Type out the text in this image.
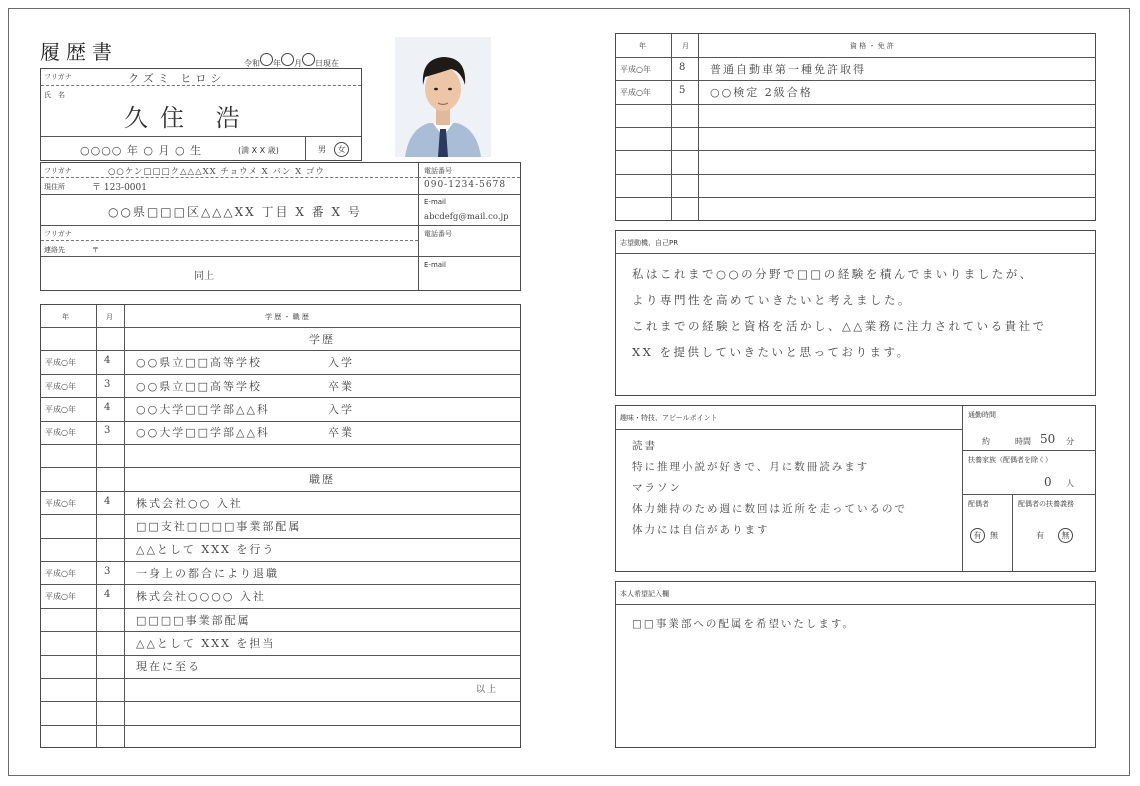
履歴書	令和 年 月 日現在
フリガナ	クズミ ヒロシ
氏　名
久住 浩
○○○○ 年 ○ 月 ○ 生	(満 X X 歳)	男	女
フリガナ	○○ケン□□□ク△△△XX チョウメ X バン X ゴウ
現住所	〒 123-0001
○○県□□□区△△△XX 丁目 X 番 X 号
電話番号
090-1234-5678
E-mail
abcdefg@mail.co.jp
フリガナ
連絡先	〒
同上
電話番号
E-mail
年	月	学 歴 ・ 職 歴
学歴
平成○年	4 ○○県立□□高等学校	入学
平成○年	3 ○○県立□□高等学校	卒業
平成○年	4 ○○大学□□学部△△科	入学
平成○年	3 ○○大学□□学部△△科	卒業
職歴
平成○年	4 株式会社○○ 入社
□□支社□□□□事業部配属
△△として XXX を行う
平成○年	3 一身上の都合により退職
平成○年	4 株式会社○○○○ 入社
□□□□事業部配属
△△として XXX を担当
現在に至る
以上
年	月	資 格 ・ 免 許
平成○年	8 普通自動車第一種免許取得
平成○年	5 ○○検定 2級合格
志望動機、自己PR
私はこれまで○○の分野で□□の経験を積んでまいりましたが、
より専門性を高めていきたいと考えました。
これまでの経験と資格を活かし、△△業務に注力されている貴社で
XX を提供していきたいと思っております。
趣味・特技、アピールポイント
読書
特に推理小説が好きで、月に数冊読みます
マラソン
体力維持のため週に数回は近所を走っているので
体力には自信があります
通勤時間
約	時間 50 分
扶養家族（配偶者を除く）
0 人
配偶者
有	無
配偶者の扶養義務
有	無
本人希望記入欄
□□事業部への配属を希望いたします。
